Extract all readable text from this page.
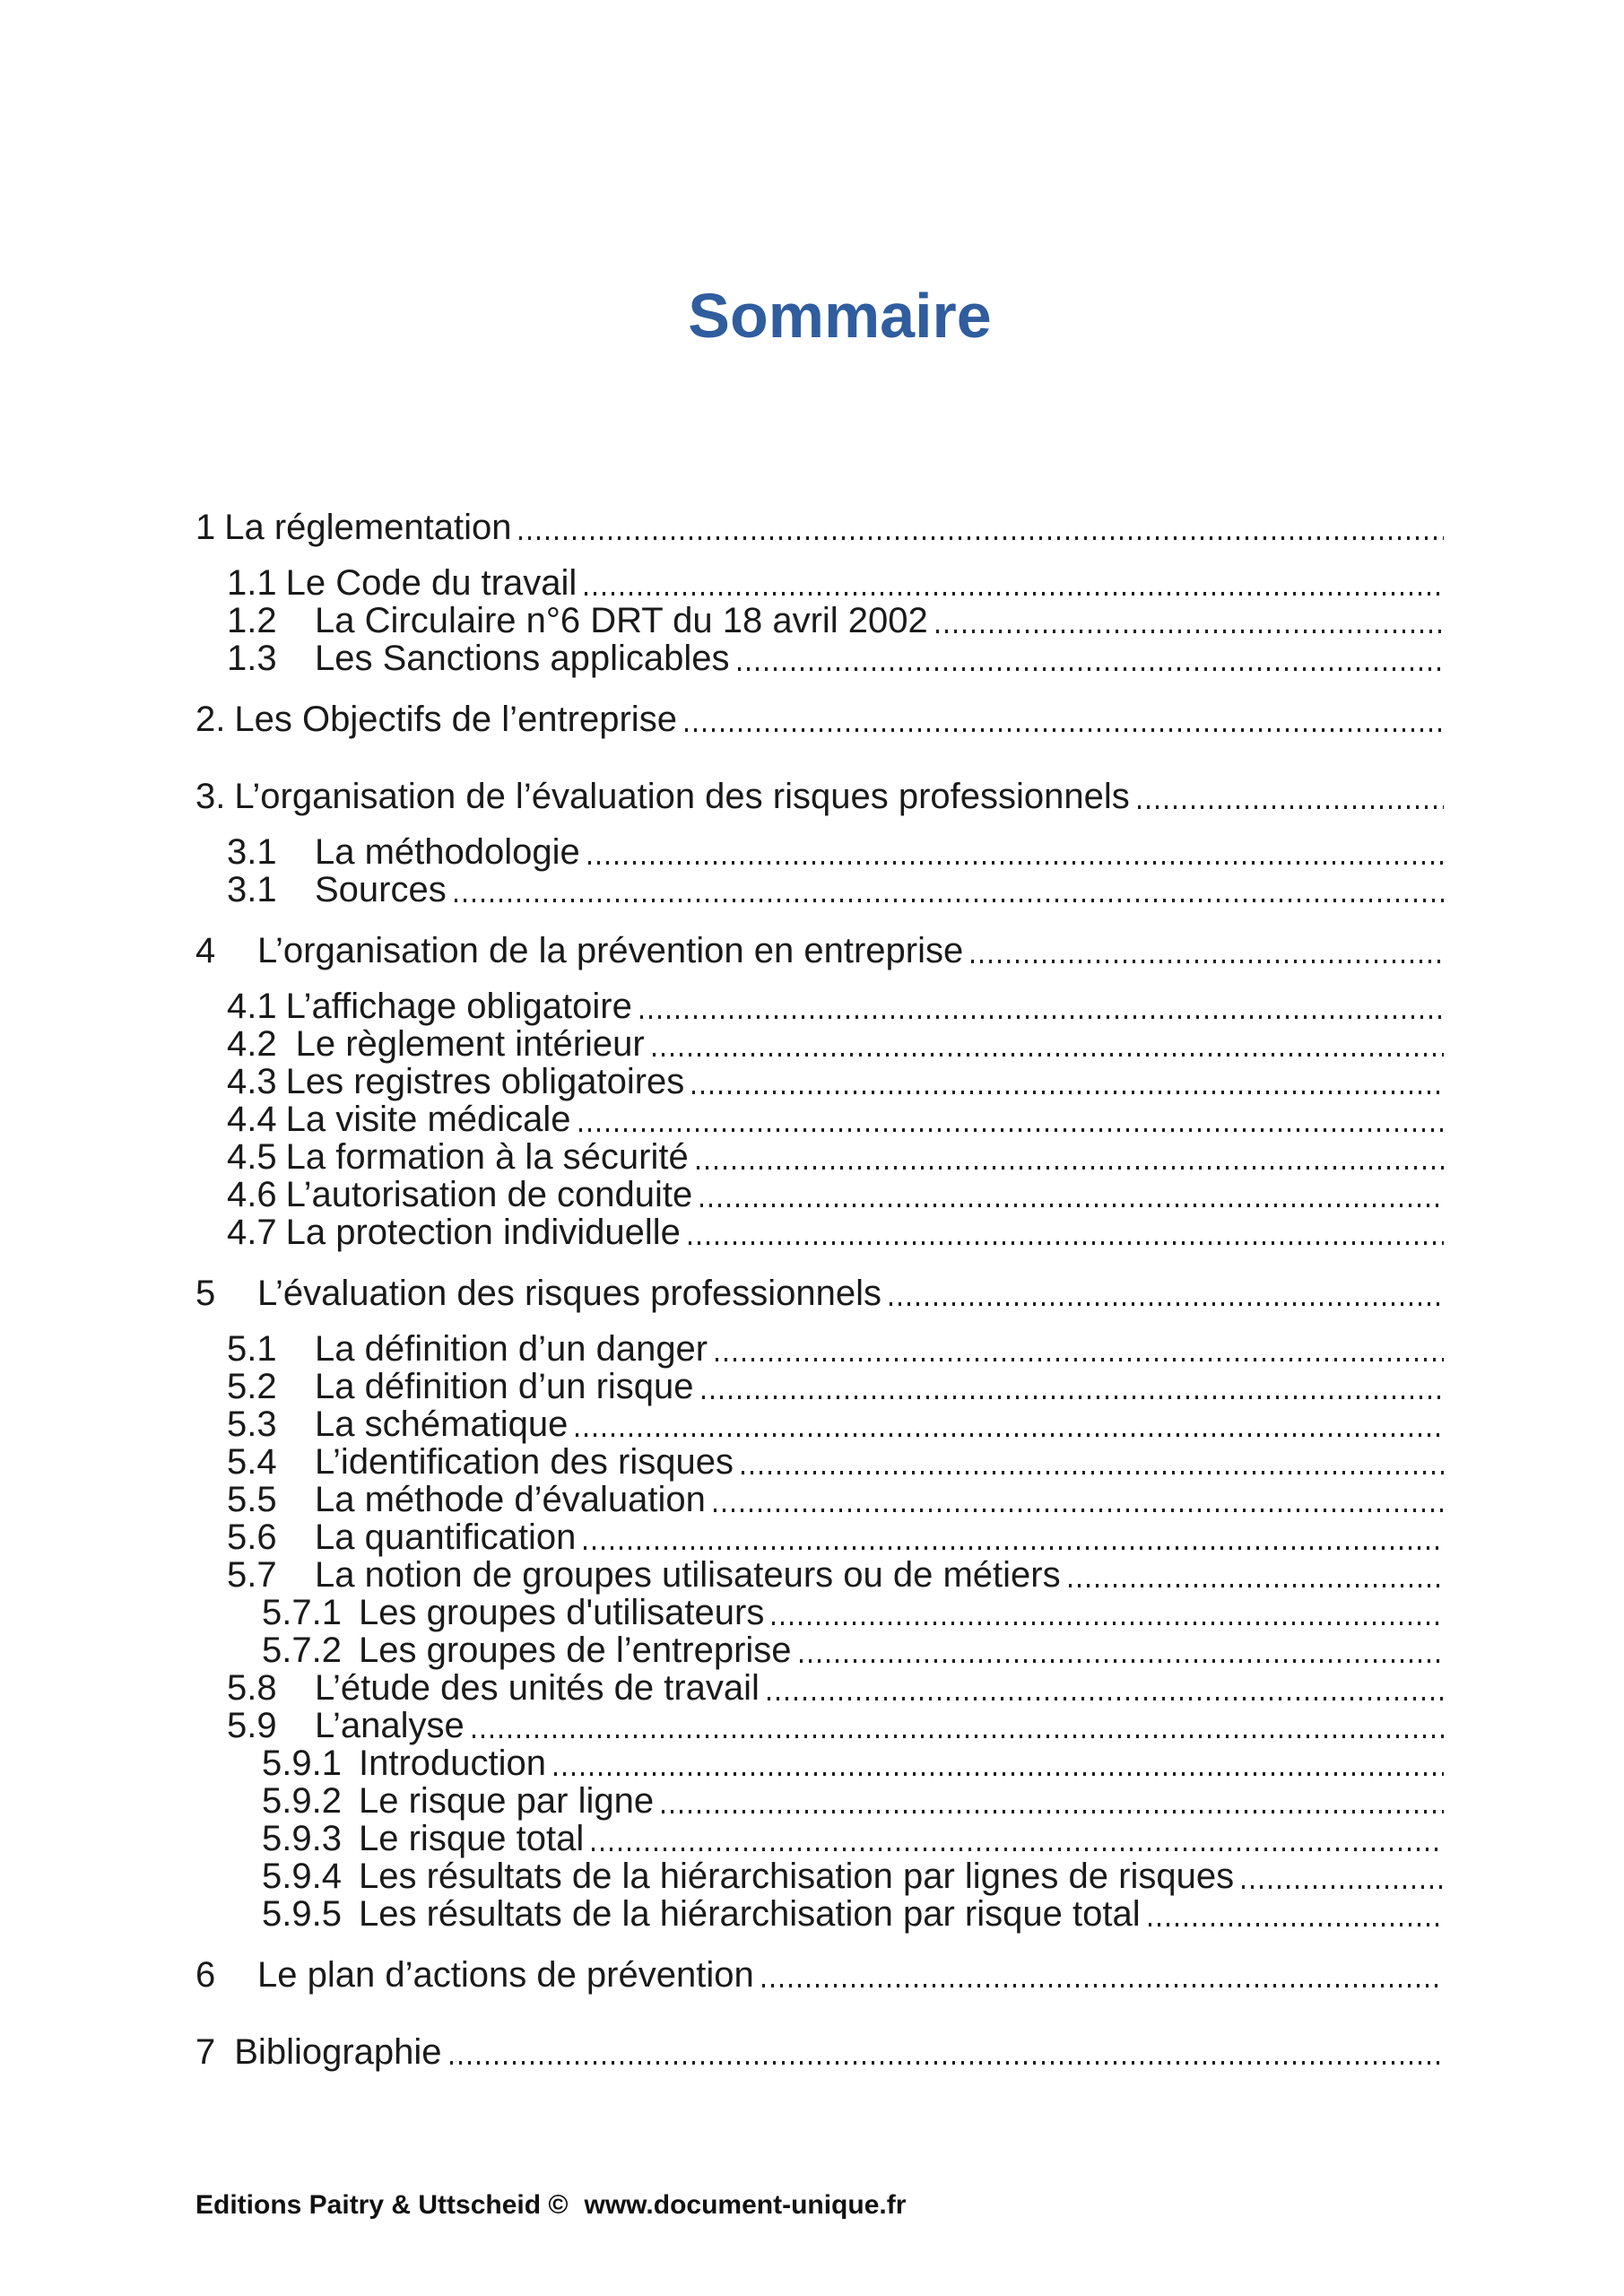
Sommaire
1 La réglementation
1.1 Le Code du travail
1.2	La Circulaire n°6 DRT du 18 avril 2002
1.3	Les Sanctions applicables
2. Les Objectifs de l’entreprise
3. L’organisation de l’évaluation des risques professionnels
3.1	La méthodologie
3.1	Sources
4	L’organisation de la prévention en entreprise
4.1 L’affichage obligatoire
4.2 Le règlement intérieur
4.3 Les registres obligatoires
4.4 La visite médicale
4.5 La formation à la sécurité
4.6 L’autorisation de conduite
4.7 La protection individuelle
5	L’évaluation des risques professionnels
5.1	La définition d’un danger
5.2	La définition d’un risque
5.3	La schématique
5.4	L’identification des risques
5.5	La méthode d’évaluation
5.6	La quantification
5.7	La notion de groupes utilisateurs ou de métiers
5.7.1 Les groupes d'utilisateurs
5.7.2 Les groupes de l’entreprise
5.8	L’étude des unités de travail
5.9	L’analyse
5.9.1 Introduction
5.9.2 Le risque par ligne
5.9.3 Le risque total
5.9.4 Les résultats de la hiérarchisation par lignes de risques
5.9.5 Les résultats de la hiérarchisation par risque total
6	Le plan d’actions de prévention
7 Bibliographie
Editions Paitry & Uttscheid © www.document-unique.fr
